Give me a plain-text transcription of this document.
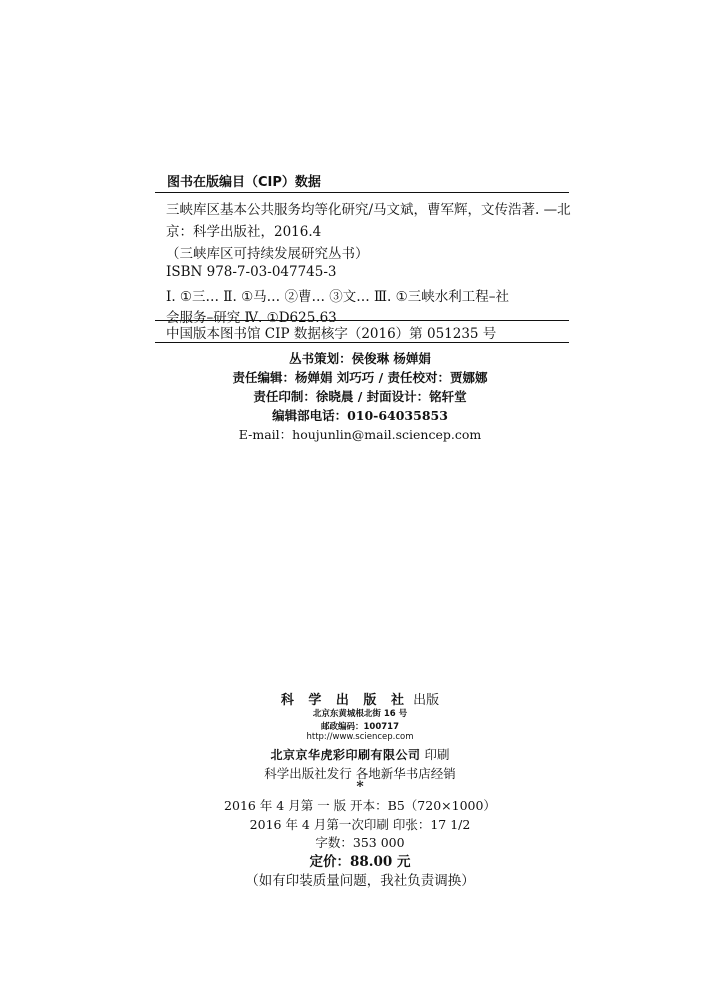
图书在版编目（CIP）数据
三峡库区基本公共服务均等化研究/马文斌，曹军辉，文传浩著. —北
京：科学出版社，2016.4
（三峡库区可持续发展研究丛书）
ISBN 978-7-03-047745-3
Ⅰ. ①三… Ⅱ. ①马… ②曹… ③文… Ⅲ. ①三峡水利工程–社
会服务–研究 Ⅳ. ①D625.63
中国版本图书馆 CIP 数据核字（2016）第 051235 号
丛书策划：侯俊琳 杨婵娟
责任编辑：杨婵娟 刘巧巧 / 责任校对：贾娜娜
责任印制：徐晓晨 / 封面设计：铭轩堂
编辑部电话：010-64035853
E-mail：houjunlin@mail.sciencep.com
科 学 出 版 社 出版
北京东黄城根北街 16 号
邮政编码：100717
http://www.sciencep.com
北京京华虎彩印刷有限公司 印刷
科学出版社发行 各地新华书店经销
*
2016 年 4 月第 一 版 开本：B5（720×1000）
2016 年 4 月第一次印刷 印张：17 1/2
字数：353 000
定价：88.00 元
（如有印装质量问题，我社负责调换）
